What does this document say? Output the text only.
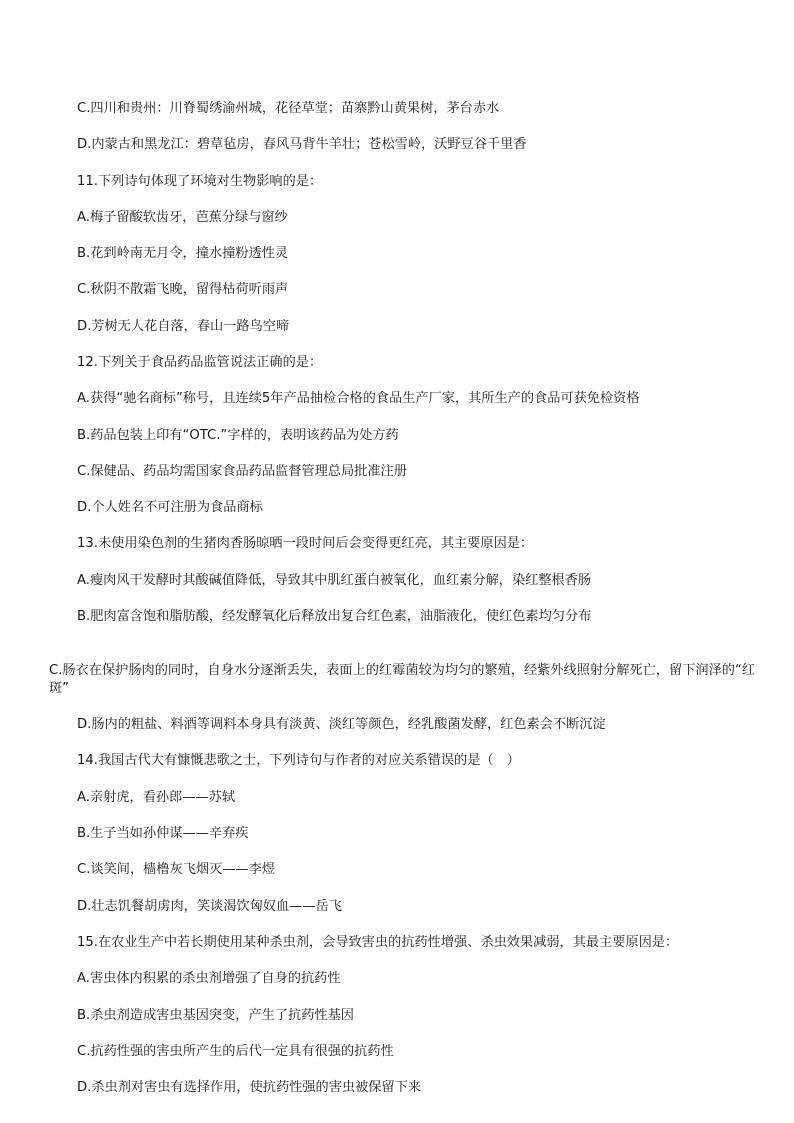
C.四川和贵州：川脊蜀绣渝州城，花径草堂；苗寨黔山黄果树，茅台赤水
D.内蒙古和黑龙江：碧草毡房，春风马背牛羊壮；苍松雪岭，沃野豆谷千里香
11.下列诗句体现了环境对生物影响的是：
A.梅子留酸软齿牙，芭蕉分绿与窗纱
B.花到岭南无月令，撞水撞粉透性灵
C.秋阴不散霜飞晚，留得枯荷听雨声
D.芳树无人花自落，春山一路鸟空啼
12.下列关于食品药品监管说法正确的是：
A.获得“驰名商标”称号，且连续5年产品抽检合格的食品生产厂家，其所生产的食品可获免检资格
B.药品包装上印有“OTC.”字样的，表明该药品为处方药
C.保健品、药品均需国家食品药品监督管理总局批准注册
D.个人姓名不可注册为食品商标
13.未使用染色剂的生猪肉香肠晾晒一段时间后会变得更红亮，其主要原因是：
A.瘦肉风干发酵时其酸碱值降低，导致其中肌红蛋白被氧化，血红素分解，染红整根香肠
B.肥肉富含饱和脂肪酸，经发酵氧化后释放出复合红色素，油脂液化，使红色素均匀分布
C.肠衣在保护肠肉的同时，自身水分逐渐丢失，表面上的红霉菌较为均匀的繁殖，经紫外线照射分解死亡，留下润泽的“红斑”
D.肠内的粗盐、料酒等调料本身具有淡黄、淡红等颜色，经乳酸菌发酵，红色素会不断沉淀
14.我国古代大有慷慨悲歌之士，下列诗句与作者的对应关系错误的是（　）
A.亲射虎，看孙郎——苏轼
B.生子当如孙仲谋——辛弃疾
C.谈笑间，樯橹灰飞烟灭——李煜
D.壮志饥餐胡虏肉，笑谈渴饮匈奴血——岳飞
15.在农业生产中若长期使用某种杀虫剂，会导致害虫的抗药性增强、杀虫效果减弱，其最主要原因是：
A.害虫体内积累的杀虫剂增强了自身的抗药性
B.杀虫剂造成害虫基因突变，产生了抗药性基因
C.抗药性强的害虫所产生的后代一定具有很强的抗药性
D.杀虫剂对害虫有选择作用，使抗药性强的害虫被保留下来
